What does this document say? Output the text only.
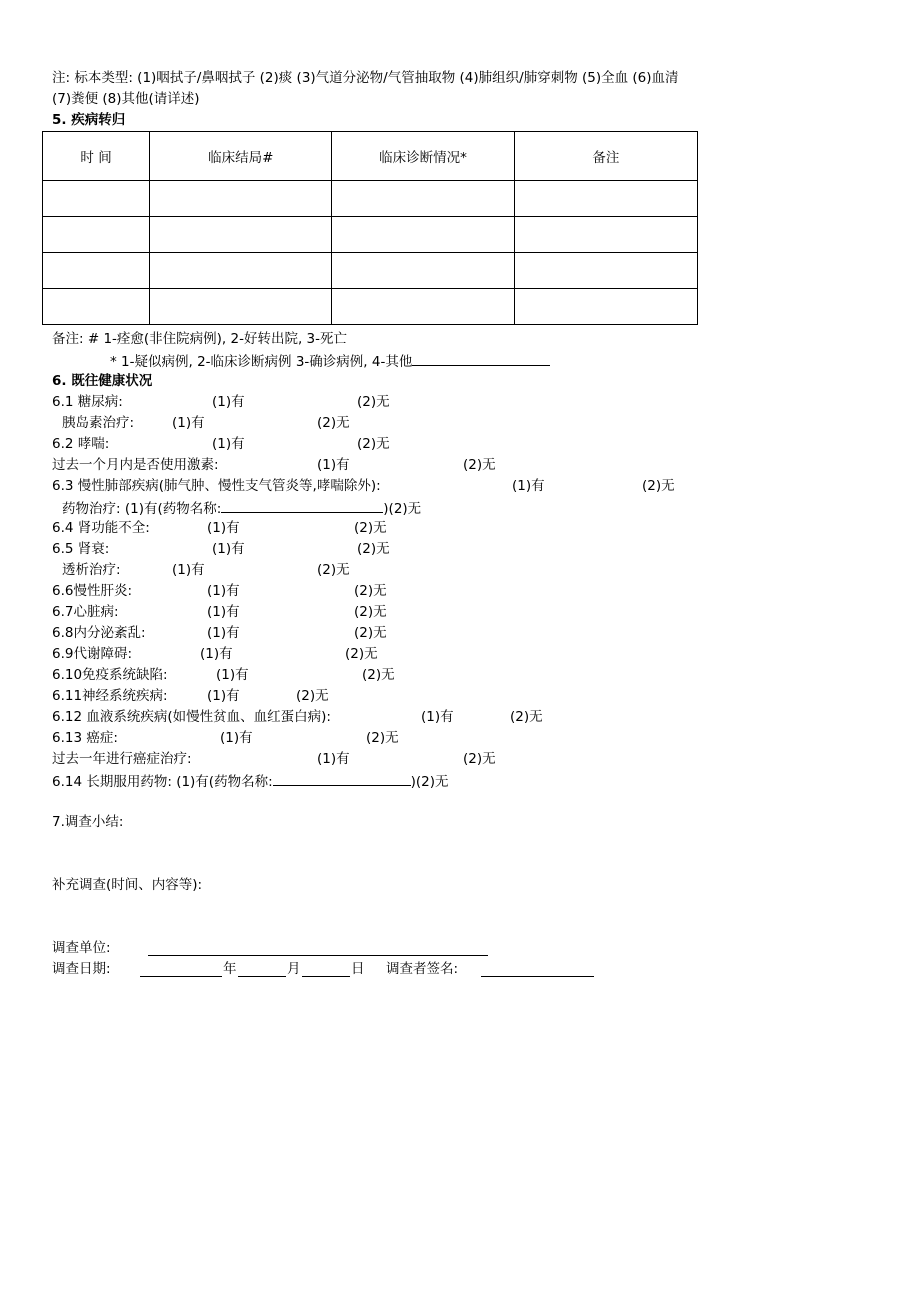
注: 标本类型: (1)咽拭子/鼻咽拭子 (2)痰 (3)气道分泌物/气管抽取物 (4)肺组织/肺穿刺物 (5)全血 (6)血清
(7)粪便 (8)其他(请详述)
5. 疾病转归
时 间	临床结局#	临床诊断情况*	备注

备注: # 1-痊愈(非住院病例), 2-好转出院, 3-死亡
* 1-疑似病例, 2-临床诊断病例 3-确诊病例, 4-其他
6. 既往健康状况
6.1 糖尿病:	(1)有	(2)无
胰岛素治疗:	(1)有	(2)无
6.2 哮喘:	(1)有	(2)无
过去一个月内是否使用激素:	(1)有	(2)无
6.3 慢性肺部疾病(肺气肿、慢性支气管炎等,哮喘除外):	(1)有	(2)无
药物治疗: (1)有(药物名称:	)(2)无
6.4 肾功能不全:	(1)有	(2)无
6.5 肾衰:	(1)有	(2)无
透析治疗:	(1)有	(2)无
6.6慢性肝炎:	(1)有	(2)无
6.7心脏病:	(1)有	(2)无
6.8内分泌紊乱:	(1)有	(2)无
6.9代谢障碍:	(1)有	(2)无
6.10免疫系统缺陷:	(1)有	(2)无
6.11神经系统疾病:	(1)有	(2)无
6.12 血液系统疾病(如慢性贫血、血红蛋白病):	(1)有	(2)无
6.13 癌症:	(1)有	(2)无
过去一年进行癌症治疗:	(1)有	(2)无
6.14 长期服用药物: (1)有(药物名称:	)(2)无
7.调查小结:
补充调查(时间、内容等):
调查单位:
调查日期:	年	月	日 调查者签名:
